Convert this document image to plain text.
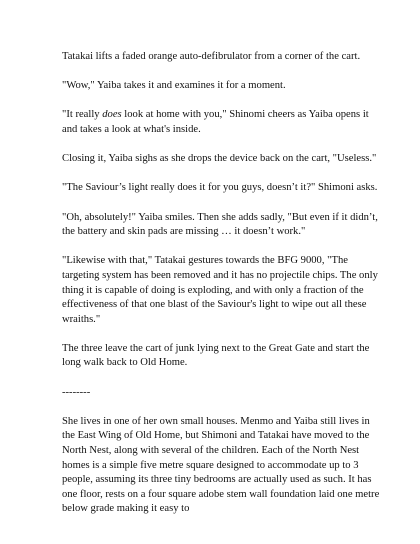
Tatakai lifts a faded orange auto-defibrulator from a corner of the cart.

"Wow," Yaiba takes it and examines it for a moment.

"It really does look at home with you," Shinomi cheers as Yaiba opens it and takes a look at what's inside.

Closing it, Yaiba sighs as she drops the device back on the cart, "Useless."

"The Saviour’s light really does it for you guys, doesn’t it?" Shimoni asks.

"Oh, absolutely!" Yaiba smiles. Then she adds sadly, "But even if it didn’t, the battery and skin pads are missing … it doesn’t work."

"Likewise with that," Tatakai gestures towards the BFG 9000, "The targeting system has been removed and it has no projectile chips. The only thing it is capable of doing is exploding, and with only a fraction of the effectiveness of that one blast of the Saviour's light to wipe out all these wraiths."

The three leave the cart of junk lying next to the Great Gate and start the long walk back to Old Home.

--------

She lives in one of her own small houses. Menmo and Yaiba still lives in the East Wing of Old Home, but Shimoni and Tatakai have moved to the North Nest, along with several of the children. Each of the North Nest homes is a simple five metre square designed to accommodate up to 3 people, assuming its three tiny bedrooms are actually used as such. It has one floor, rests on a four square adobe stem wall foundation laid one metre below grade making it easy to
